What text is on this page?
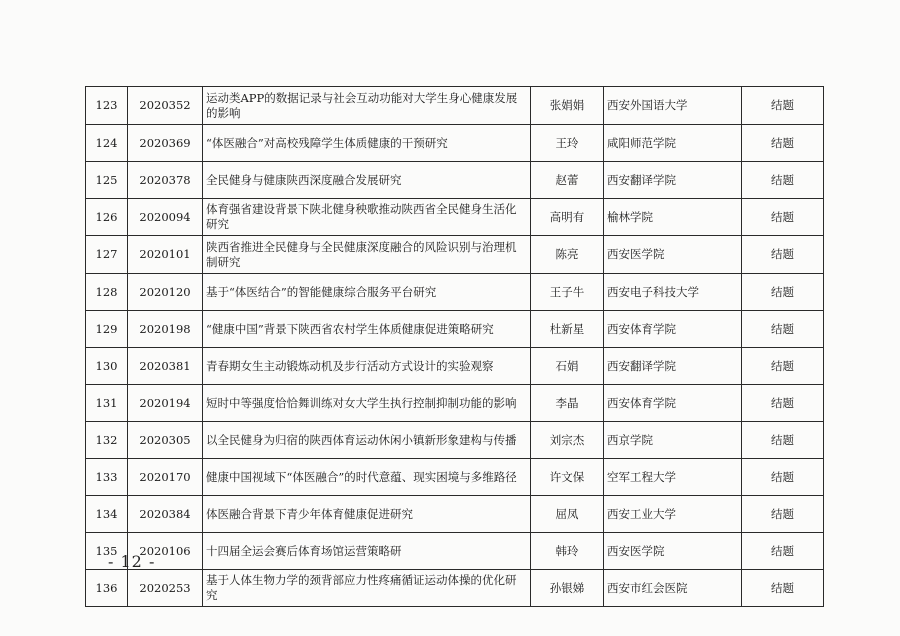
123	2020352	运动类APP的数据记录与社会互动功能对大学生身心健康发展的影响	张娟娟	西安外国语大学	结题
124	2020369	“体医融合”对高校残障学生体质健康的干预研究	王玲	咸阳师范学院	结题
125	2020378	全民健身与健康陕西深度融合发展研究	赵蕾	西安翻译学院	结题
126	2020094	体育强省建设背景下陕北健身秧歌推动陕西省全民健身生活化研究	高明有	榆林学院	结题
127	2020101	陕西省推进全民健身与全民健康深度融合的风险识别与治理机制研究	陈亮	西安医学院	结题
128	2020120	基于“体医结合”的智能健康综合服务平台研究	王子牛	西安电子科技大学	结题
129	2020198	“健康中国”背景下陕西省农村学生体质健康促进策略研究	杜新星	西安体育学院	结题
130	2020381	青春期女生主动锻炼动机及步行活动方式设计的实验观察	石娟	西安翻译学院	结题
131	2020194	短时中等强度恰恰舞训练对女大学生执行控制抑制功能的影响	李晶	西安体育学院	结题
132	2020305	以全民健身为归宿的陕西体育运动休闲小镇新形象建构与传播	刘宗杰	西京学院	结题
133	2020170	健康中国视域下“体医融合”的时代意蕴、现实困境与多维路径	许文保	空军工程大学	结题
134	2020384	体医融合背景下青少年体育健康促进研究	屈凤	西安工业大学	结题
135	2020106	十四届全运会赛后体育场馆运营策略研	韩玲	西安医学院	结题
136	2020253	基于人体生物力学的颈背部应力性疼痛循证运动体操的优化研究	孙银娣	西安市红会医院	结题
- 12 -
